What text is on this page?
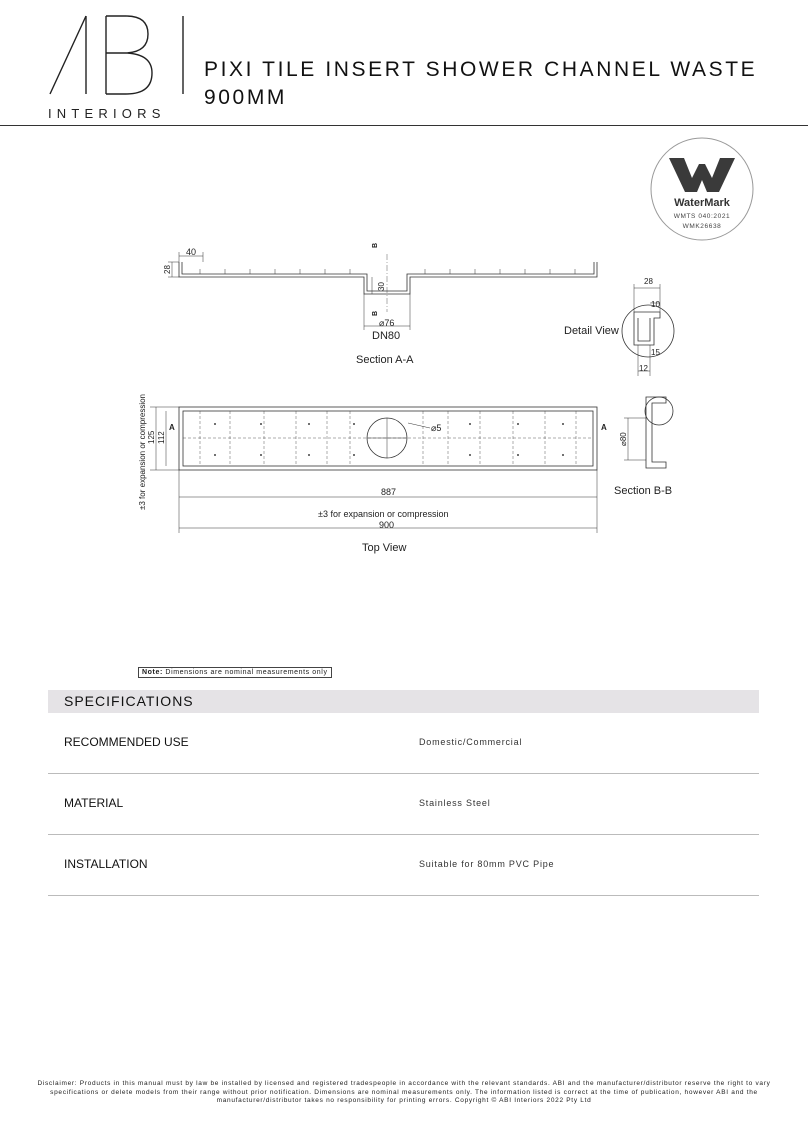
INTERIORS
PIXI TILE INSERT SHOWER CHANNEL WASTE
900MM
WaterMark
WMTS 040:2021
WMK26638
40
28
B
30
B
⌀76
DN80
Section A-A
28
10
Detail View
15
12
±3 for expansion or compression 125 112
A	A
⌀5
887
±3 for expansion or compression
900
Top View
⌀80
Section B-B
Note: Dimensions are nominal measurements only
SPECIFICATIONS
RECOMMENDED USE	Domestic/Commercial
MATERIAL	Stainless Steel
INSTALLATION	Suitable for 80mm PVC Pipe
Disclaimer: Products in this manual must by law be installed by licensed and registered tradespeople in accordance with the relevant standards. ABI and the manufacturer/distributor reserve the right to vary specifications or delete models from their range without prior notification. Dimensions are nominal measurements only. The information listed is correct at the time of publication, however ABI and the manufacturer/distributor takes no responsibility for printing errors. Copyright © ABI Interiors 2022 Pty Ltd
